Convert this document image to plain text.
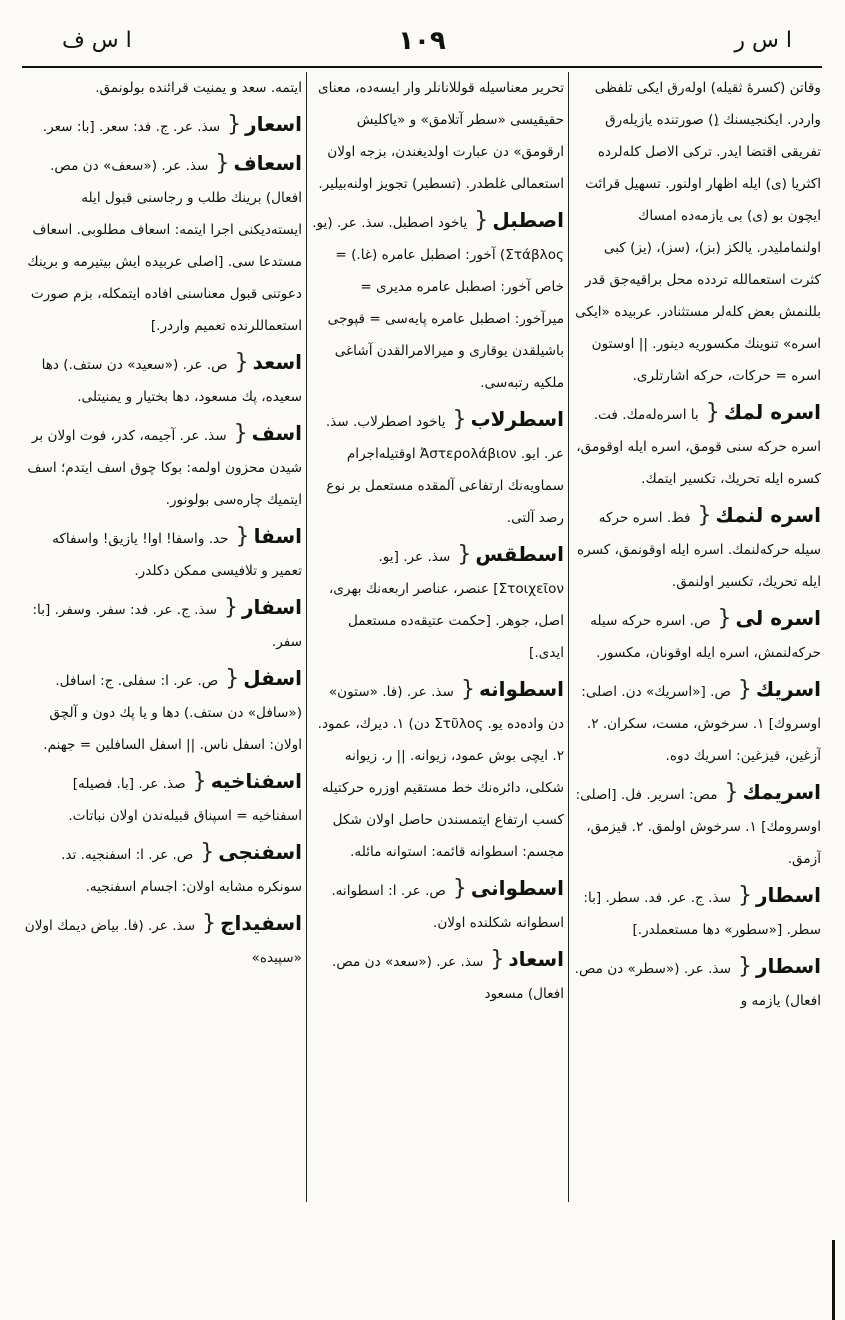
ا س ر
١٠٩
ا س ف
وقاتن (کسرهٔ ثقیله) اولەرق ایکی تلفظی واردر. ایکنجیسنك (ِ) صورتنده یازیلەرق تفریقی اقتضا ایدر. ترکی الاصل کلەلردە اکثریا (ی) ایلە اظهار اولنور. تسهیل قرائت ایچون بو (ی) بی یازمەدە امساك اولنمامليدر. یالکز (بز)، (سز)، (یز) کبی کثرت استعمالله تردده محل براقیەجق قدر بللنمش بعض کلەلر مستثنادر. عربیدە «ایکی اسرە» تنوینك مکسوریە دینور. || اوستون اسره = حرکات، حرکه اشارتلری.
اسرە لمك{ با اسرەلەمك. فت. اسره حرکه سنی قومق، اسره ایلە اوقومق، کسرە ایلە تحریك، تکسیر ایتمك.
اسرە لنمك{ فط. اسره حرکه سیلە حرکەلنمك. اسره ایلە اوقونمق، کسرە ایلە تحریك، تکسیر اولنمق.
اسرە لی{ ص. اسره حرکه سیلە حرکەلنمش، اسره ایلە اوقونان، مکسور.
اسریك{ ص. [«اسریك» دن. اصلی: اوسروك] ١. سرخوش، مست، سکران. ٢. آزغین، قیزغین: اسریك دوه.
اسریمك{ مص: اسریر. فل. [اصلی: اوسرومك] ١. سرخوش اولمق. ٢. قیزمق، آزمق.
اسطار{ سذ. ج. عر. فد. سطر. [با: سطر. [«سطور» دها مستعملدر.]
اسطار{ سذ. عر. («سطر» دن مص. افعال) یازمه و
تحریر معناسیلە قوللانانلر وار ایسەدە، معنای حقیقیسی «سطر آتلامق» و «یاکلیش ارقومق» دن عبارت اولدیغندن، بزجە اولان استعمالی غلطدر. (تسطیر) تجویز اولنەبیلیر.
اصطبل{ یاخود اصطبل. سذ. عر. (یو. Στάβλος) آخور: اصطبل عامره (غا.) = خاص آخور: اصطبل عامره مدیری = میرآخور: اصطبل عامره پایەسی = قپوجی باشیلقدن یوقاری و میرالامرالقدن آشاغی ملکیه رتبەسی.
اسطرلاب{ یاخود اصطرلاب. سذ. عر. ایو. Ἀστερολάβιον اوقتیلەاجرام سماویەنك ارتفاعی آلمقدە مستعمل بر نوع رصد آلتی.
اسطقس{ سذ. عر. [یو. Στοιχεῖον] عنصر، عناصر اربعەنك بهری، اصل، جوهر. [حکمت عتیقەدە مستعمل ایدی.]
اسطوانە{ سذ. عر. (فا. «ستون» دن وادەدە یو. Στῦλος دن) ١. دیرك، عمود. ٢. ایچی بوش عمود، زیوانە. || ر. زیوانه شکلی، دائرەنك خط مستقیم اوزره حرکتیلە کسب ارتفاع ایتمسندن حاصل اولان شکل مجسم: اسطوانە قائمه: استوانە مائلە.
اسطوانی{ ص. عر. ا: اسطوانه. اسطوانه شکلندە اولان.
اسعاد{ سذ. عر. («سعد» دن مص. افعال) مسعود
ایتمە. سعد و یمنیت قرائنده بولونمق.
اسعار{ سذ. عر. ج. فد: سعر. [با: سعر.
اسعاف{ سذ. عر. («سعف» دن مص. افعال) برینك طلب و رجاسنی قبول ایلە ایستەدیکنی اجرا ایتمە: اسعاف مطلوبی. اسعاف مستدعا سی. [اصلی عربیده ایش بیتیرمە و برینك دعوتنی قبول معناسنی افادە ایتمکلە، بزم صورت استعماللرندە تعمیم واردر.]
اسعد{ ص. عر. («سعید» دن ستف.) دها سعیدە، پك مسعود، دها بختیار و یمنیتلی.
اسف{ سذ. عر. آجیمە، کدر، فوت اولان بر شیدن محزون اولمە: بوکا چوق اسف ایتدم؛ اسف ایتمیك چارەسی بولونور.
اسفا{ حد. واسفا! اوا! یازیق! واسفاکە تعمیر و تلافیسی ممکن دکلدر.
اسفار{ سذ. ج. عر. فد: سفر. وسفر. [با: سفر.
اسفل{ ص. عر. ا: سفلی. ج: اسافل. («سافل» دن ستف.) دها و یا پك دون و آلچق اولان: اسفل ناس. || اسفل السافلین = جهنم.
اسفناخیه{ صذ. عر. [با. فصیلە] اسفناخیە = اسپناق قبیلەندن اولان نباتات.
اسفنجی{ ص. عر. ا: اسفنجیه. تد. سونکره مشابه اولان: اجسام اسفنجیه.
اسفیداج{ سذ. عر. (فا. بیاض دیمك اولان «سپیده»
